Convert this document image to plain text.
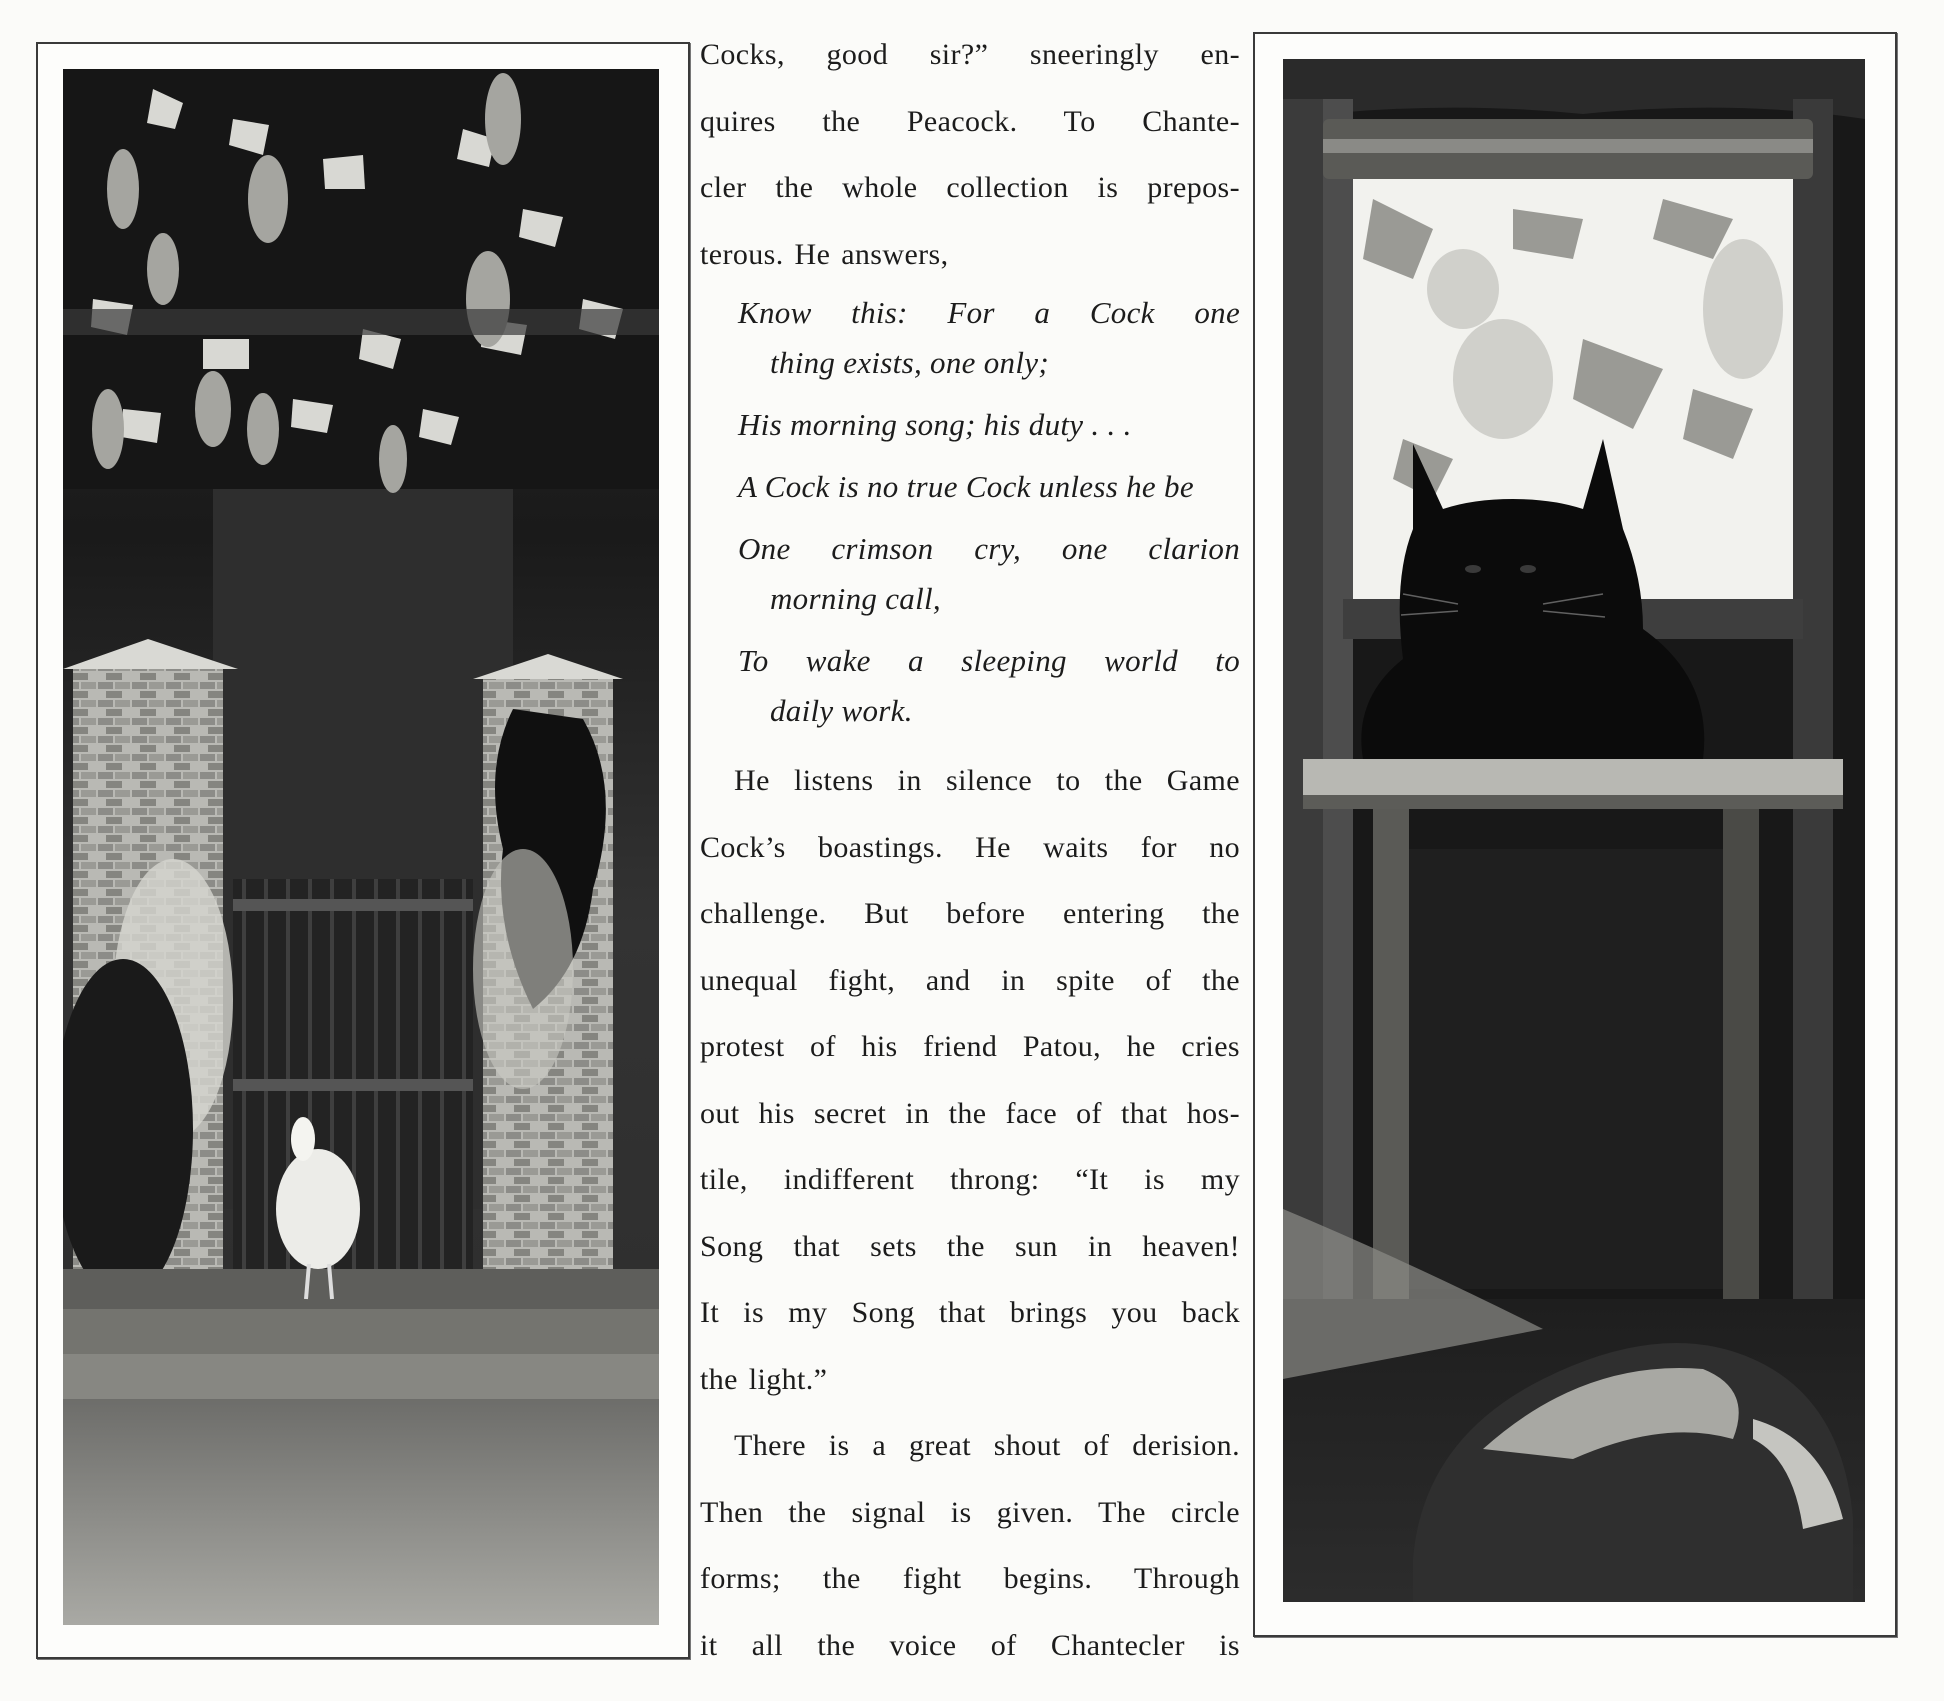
Cocks, good sir?” sneeringly en-
quires the Peacock. To Chante-
cler the whole collection is prepos-
terous. He answers,

Know this: For a Cock one
thing exists, one only;
His morning song; his duty . . .
A Cock is no true Cock unless he be
One crimson cry, one clarion
morning call,
To wake a sleeping world to
daily work.

He listens in silence to the Game
Cock’s boastings. He waits for no
challenge. But before entering the
unequal fight, and in spite of the
protest of his friend Patou, he cries
out his secret in the face of that hos-
tile, indifferent throng: “It is my
Song that sets the sun in heaven!
It is my Song that brings you back
the light.”

There is a great shout of derision.
Then the signal is given. The circle
forms; the fight begins. Through
it all the voice of Chantecler is
